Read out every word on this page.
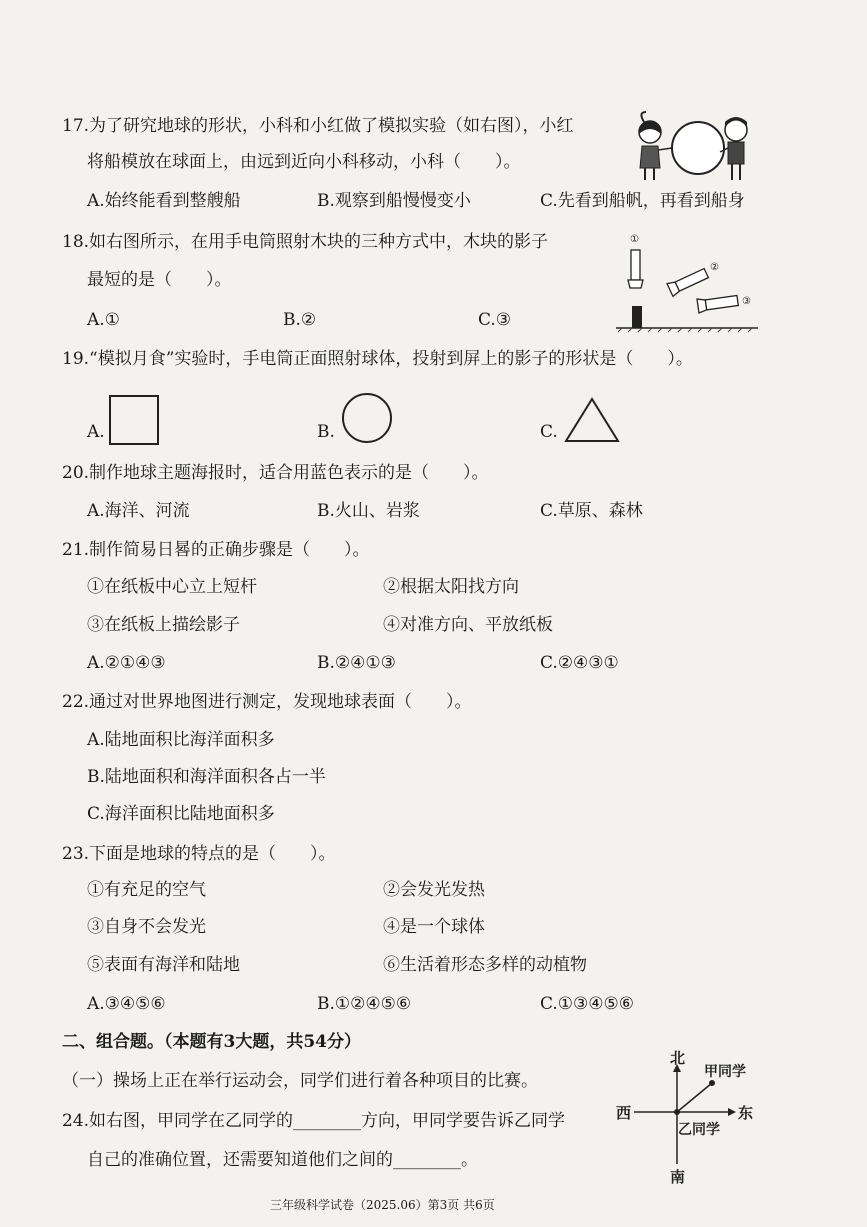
17.为了研究地球的形状，小科和小红做了模拟实验（如右图），小红
将船模放在球面上，由远到近向小科移动，小科（　　）。
A.始终能看到整艘船	B.观察到船慢慢变小	C.先看到船帆，再看到船身
18.如右图所示，在用手电筒照射木块的三种方式中，木块的影子
最短的是（　　）。
A.①	B.②	C.③
①
②
③
19.“模拟月食”实验时，手电筒正面照射球体，投射到屏上的影子的形状是（　　）。
A.	B.	C.
20.制作地球主题海报时，适合用蓝色表示的是（　　）。
A.海洋、河流	B.火山、岩浆	C.草原、森林
21.制作简易日晷的正确步骤是（　　）。
①在纸板中心立上短杆	②根据太阳找方向
③在纸板上描绘影子	④对准方向、平放纸板
A.②①④③	B.②④①③	C.②④③①
22.通过对世界地图进行测定，发现地球表面（　　）。
A.陆地面积比海洋面积多
B.陆地面积和海洋面积各占一半
C.海洋面积比陆地面积多
23.下面是地球的特点的是（　　）。
①有充足的空气	②会发光发热
③自身不会发光	④是一个球体
⑤表面有海洋和陆地	⑥生活着形态多样的动植物
A.③④⑤⑥	B.①②④⑤⑥	C.①③④⑤⑥
二、组合题。（本题有3大题，共54分）
（一）操场上正在举行运动会，同学们进行着各种项目的比赛。
24.如右图，甲同学在乙同学的________方向，甲同学要告诉乙同学
自己的准确位置，还需要知道他们之间的________。
北
南
东
西
甲同学
乙同学
三年级科学试卷（2025.06）第3页 共6页
